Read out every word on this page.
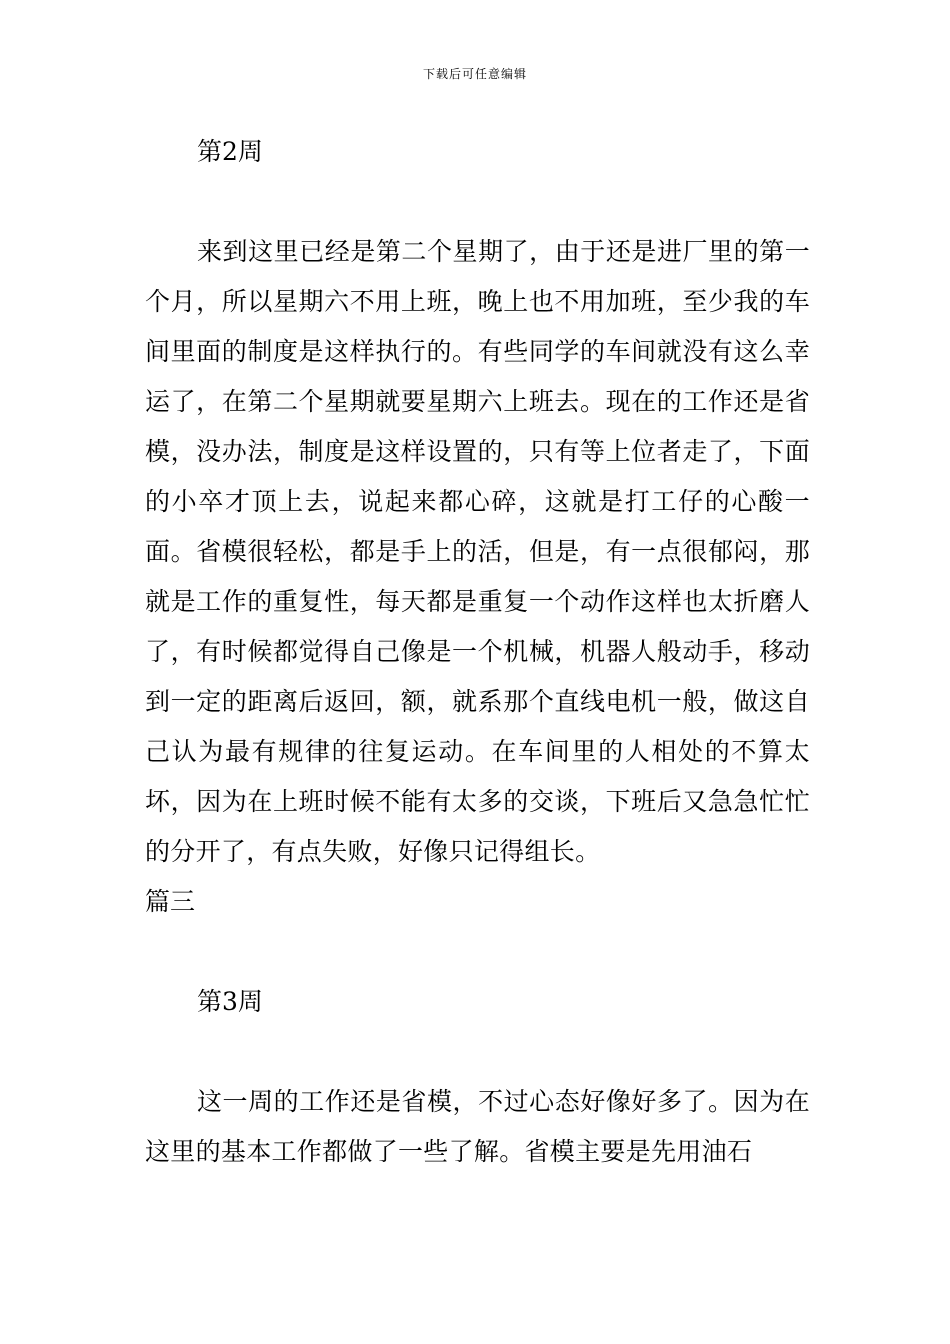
下载后可任意编辑

第2周

来到这里已经是第二个星期了，由于还是进厂里的第一个月，所以星期六不用上班，晚上也不用加班，至少我的车间里面的制度是这样执行的。有些同学的车间就没有这么幸运了，在第二个星期就要星期六上班去。现在的工作还是省模，没办法，制度是这样设置的，只有等上位者走了，下面的小卒才顶上去，说起来都心碎，这就是打工仔的心酸一面。省模很轻松，都是手上的活，但是，有一点很郁闷，那就是工作的重复性，每天都是重复一个动作这样也太折磨人了，有时候都觉得自己像是一个机械，机器人般动手，移动到一定的距离后返回，额，就系那个直线电机一般，做这自己认为最有规律的往复运动。在车间里的人相处的不算太坏，因为在上班时候不能有太多的交谈，下班后又急急忙忙的分开了，有点失败，好像只记得组长。

篇三

第3周

这一周的工作还是省模，不过心态好像好多了。因为在这里的基本工作都做了一些了解。省模主要是先用油石
